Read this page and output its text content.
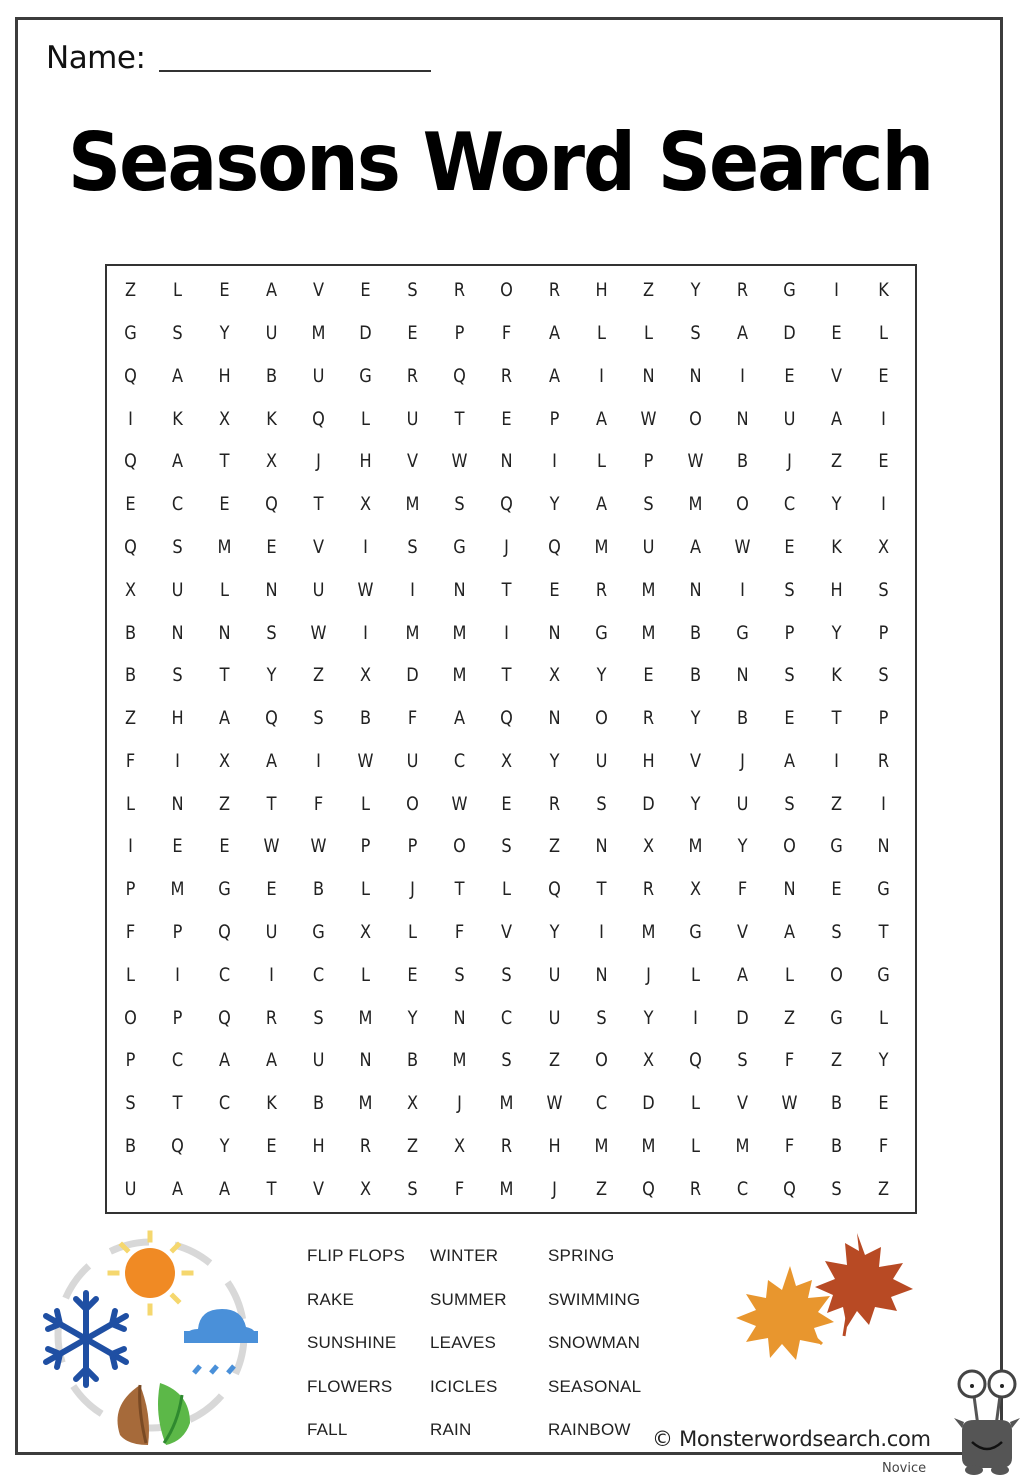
Name:
Seasons Word Search
Z	L	E	A	V	E	S	R	O	R	H	Z	Y	R	G	I	K
G	S	Y	U	M	D	E	P	F	A	L	L	S	A	D	E	L
Q	A	H	B	U	G	R	Q	R	A	I	N	N	I	E	V	E
I	K	X	K	Q	L	U	T	E	P	A	W	O	N	U	A	I
Q	A	T	X	J	H	V	W	N	I	L	P	W	B	J	Z	E
E	C	E	Q	T	X	M	S	Q	Y	A	S	M	O	C	Y	I
Q	S	M	E	V	I	S	G	J	Q	M	U	A	W	E	K	X
X	U	L	N	U	W	I	N	T	E	R	M	N	I	S	H	S
B	N	N	S	W	I	M	M	I	N	G	M	B	G	P	Y	P
B	S	T	Y	Z	X	D	M	T	X	Y	E	B	N	S	K	S
Z	H	A	Q	S	B	F	A	Q	N	O	R	Y	B	E	T	P
F	I	X	A	I	W	U	C	X	Y	U	H	V	J	A	I	R
L	N	Z	T	F	L	O	W	E	R	S	D	Y	U	S	Z	I
I	E	E	W	W	P	P	O	S	Z	N	X	M	Y	O	G	N
P	M	G	E	B	L	J	T	L	Q	T	R	X	F	N	E	G
F	P	Q	U	G	X	L	F	V	Y	I	M	G	V	A	S	T
L	I	C	I	C	L	E	S	S	U	N	J	L	A	L	O	G
O	P	Q	R	S	M	Y	N	C	U	S	Y	I	D	Z	G	L
P	C	A	A	U	N	B	M	S	Z	O	X	Q	S	F	Z	Y
S	T	C	K	B	M	X	J	M	W	C	D	L	V	W	B	E
B	Q	Y	E	H	R	Z	X	R	H	M	M	L	M	F	B	F
U	A	A	T	V	X	S	F	M	J	Z	Q	R	C	Q	S	Z
FLIP FLOPS	WINTER	SPRING
RAKE	SUMMER	SWIMMING
SUNSHINE	LEAVES	SNOWMAN
FLOWERS	ICICLES	SEASONAL
FALL	RAIN	RAINBOW	© Monsterwordsearch.com
Novice
